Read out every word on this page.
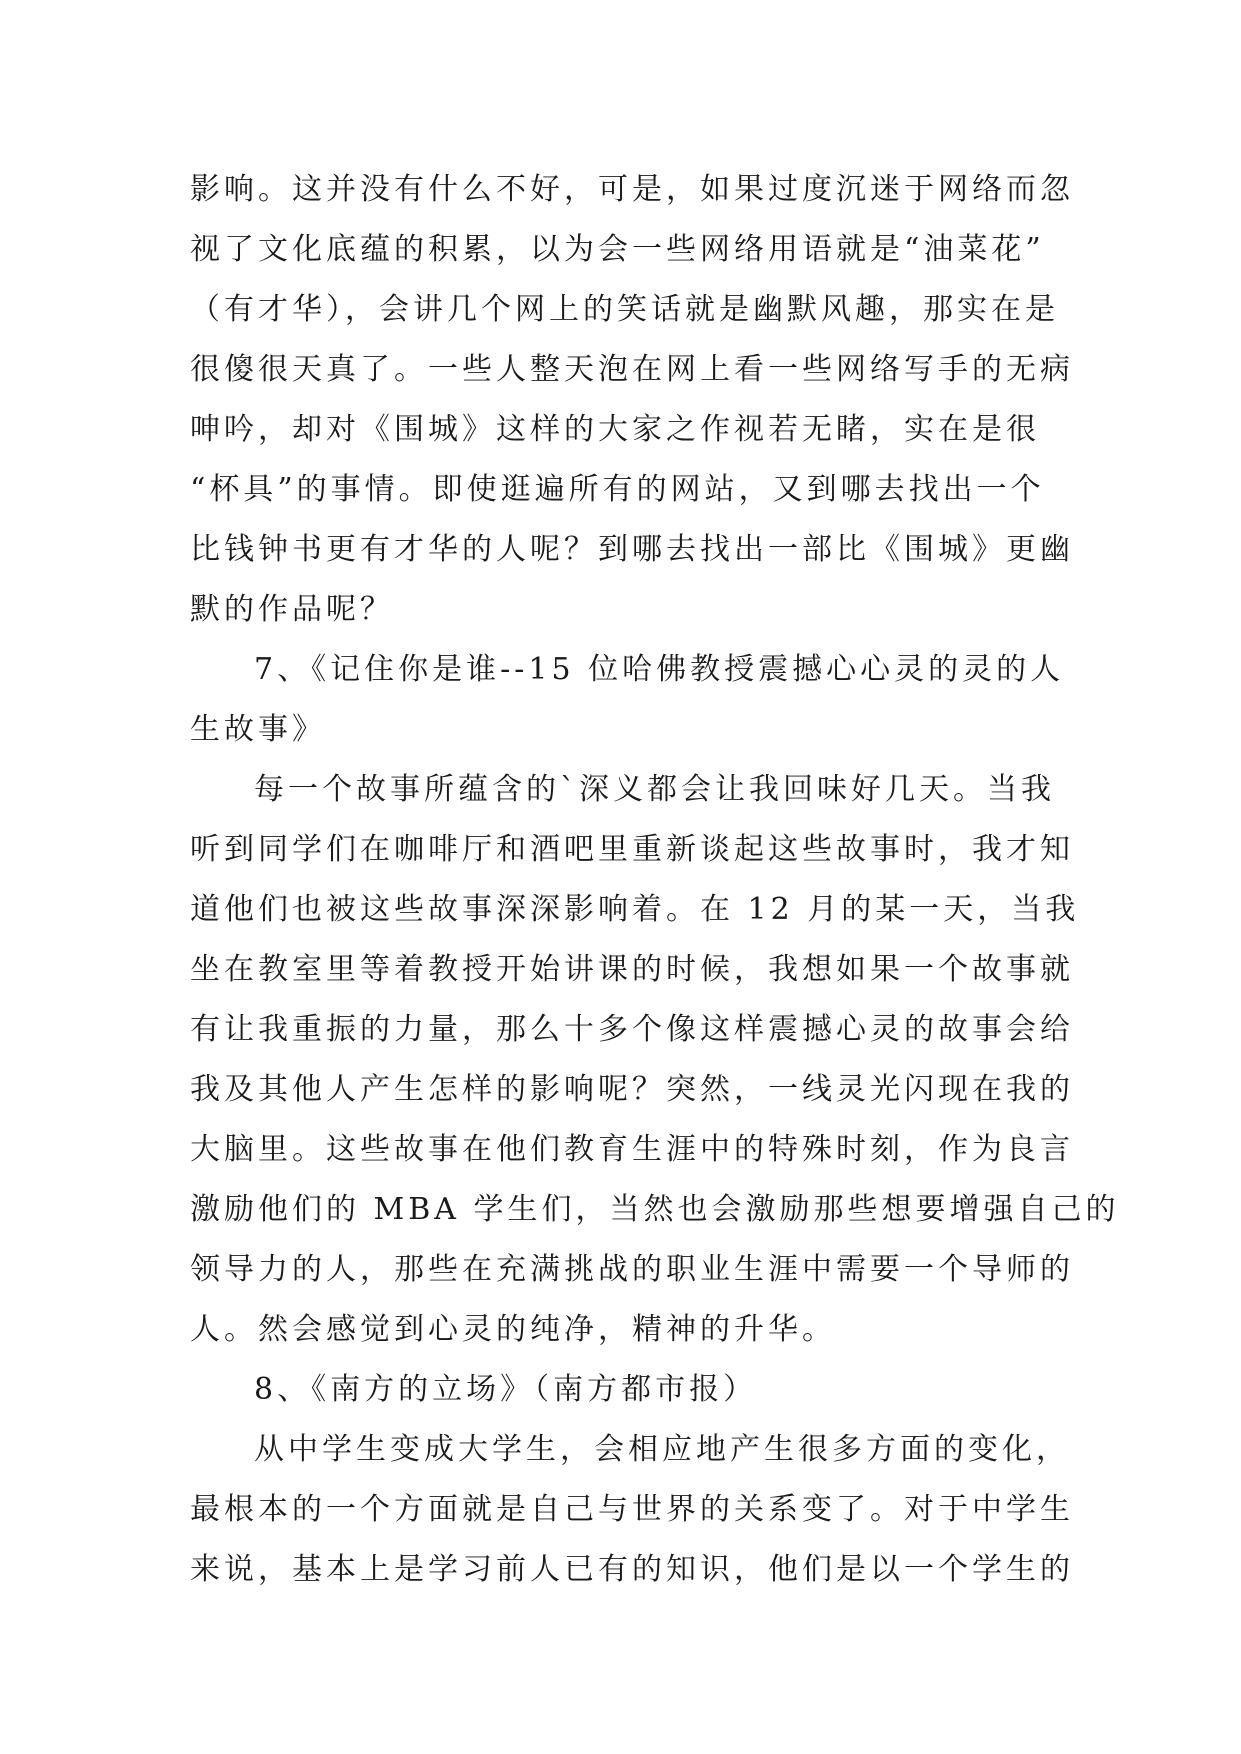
影响。这并没有什么不好，可是，如果过度沉迷于网络而忽
视了文化底蕴的积累，以为会一些网络用语就是“油菜花”
（有才华），会讲几个网上的笑话就是幽默风趣，那实在是
很傻很天真了。一些人整天泡在网上看一些网络写手的无病
呻吟，却对《围城》这样的大家之作视若无睹，实在是很
“杯具”的事情。即使逛遍所有的网站，又到哪去找出一个
比钱钟书更有才华的人呢？到哪去找出一部比《围城》更幽
默的作品呢？
7、《记住你是谁--15 位哈佛教授震撼心心灵的灵的人
生故事》
每一个故事所蕴含的`深义都会让我回味好几天。当我
听到同学们在咖啡厅和酒吧里重新谈起这些故事时，我才知
道他们也被这些故事深深影响着。在 12 月的某一天，当我
坐在教室里等着教授开始讲课的时候，我想如果一个故事就
有让我重振的力量，那么十多个像这样震撼心灵的故事会给
我及其他人产生怎样的影响呢？突然，一线灵光闪现在我的
大脑里。这些故事在他们教育生涯中的特殊时刻，作为良言
激励他们的 MBA 学生们，当然也会激励那些想要增强自己的
领导力的人，那些在充满挑战的职业生涯中需要一个导师的
人。然会感觉到心灵的纯净，精神的升华。
8、《南方的立场》（南方都市报）
从中学生变成大学生，会相应地产生很多方面的变化，
最根本的一个方面就是自己与世界的关系变了。对于中学生
来说，基本上是学习前人已有的知识，他们是以一个学生的
